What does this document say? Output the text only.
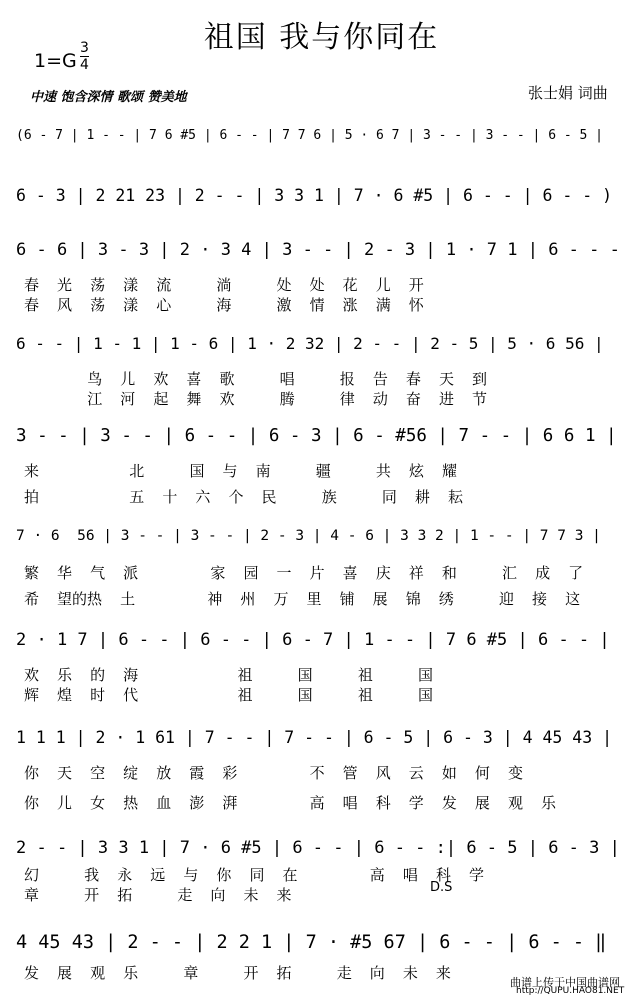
祖国 我与你同在
1=G
3
4
中速 饱含深情 歌颂 赞美地	张士娟 词曲
(6 - 7 | 1 - - | 7 6 #5 | 6 - - | 7 7 6 | 5 · 6 7 | 3 - - | 3 - - | 6 - 5 |
6 - 3 | 2 21 23 | 2 - - | 3 3 1 | 7 · 6 #5 | 6 - - | 6 - - )
6 - 6 | 3 - 3 | 2 · 3 4 | 3 - - | 2 - 3 | 1 · 7 1 | 6 - - -
春  光  荡  漾  流     淌     处  处  花  儿  开
春  风  荡  漾  心     海     激  情  涨  满  怀
6 - - | 1 - 1 | 1 - 6 | 1 · 2 32 | 2 - - | 2 - 5 | 5 · 6 56 |
鸟  儿  欢  喜  歌     唱     报  告  春  天  到
江  河  起  舞  欢     腾     律  动  奋  进  节
3 - - | 3 - - | 6 - - | 6 - 3 | 6 - #56 | 7 - - | 6 6 1 |
来          北     国  与  南     疆     共  炫  耀
拍          五  十  六  个  民     族     同  耕  耘
7 · 6  56 | 3 - - | 3 - - | 2 - 3 | 4 - 6 | 3 3 2 | 1 - - | 7 7 3 |
繁  华  气  派        家  园  一  片  喜  庆  祥  和     汇  成  了
希  望的热  土        神  州  万  里  铺  展  锦  绣     迎  接  这
2 · 1 7 | 6 - - | 6 - - | 6 - 7 | 1 - - | 7 6 #5 | 6 - - |
欢  乐  的  海           祖     国     祖     国
辉  煌  时  代           祖     国     祖     国
1 1 1 | 2 · 1 61 | 7 - - | 7 - - | 6 - 5 | 6 - 3 | 4 45 43 |
你  天  空  绽  放  霞  彩        不  管  风  云  如  何  变
你  儿  女  热  血  澎  湃        高  唱  科  学  发  展  观  乐
2 - - | 3 3 1 | 7 · 6 #5 | 6 - - | 6 - - :| 6 - 5 | 6 - 3 |
幻     我  永  远  与  你  同  在        高  唱  科  学
章     开  拓     走  向  未  来	D.S
4 45 43 | 2 - - | 2 2 1 | 7 · #5 67 | 6 - - | 6 - - ‖
发  展  观  乐     章     开  拓     走  向  未  来
曲谱上传于中国曲谱网
http://QUPU.HAO81.NET
